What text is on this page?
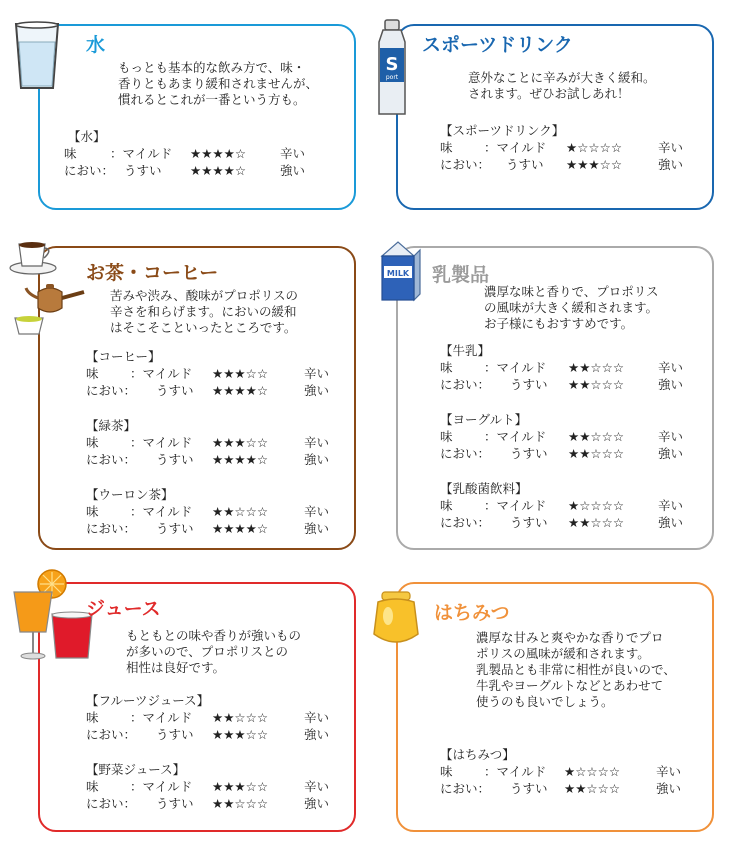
水
もっとも基本的な飲み方で、味・
香りともあまり緩和されませんが、
慣れるとこれが一番という方も。
【水】
味	：マイルド ★★★★☆	辛い
におい： うすい ★★★★☆	強い
S
port
スポーツドリンク
意外なことに辛みが大きく緩和。
されます。ぜひお試しあれ！
【スポーツドリンク】
味	：マイルド ★☆☆☆☆	辛い
におい： うすい ★★★☆☆	強い
お茶・コーヒー
苦みや渋み、酸味がプロポリスの
辛さを和らげます。においの緩和
はそこそこといったところです。
【コーヒー】
味	：マイルド ★★★☆☆	辛い
におい： うすい ★★★★☆	強い
【緑茶】
味	：マイルド ★★★☆☆	辛い
におい： うすい ★★★★☆	強い
【ウーロン茶】
味	：マイルド ★★☆☆☆	辛い
におい： うすい ★★★★☆	強い
MILK 乳製品
濃厚な味と香りで、プロポリス
の風味が大きく緩和されます。
お子様にもおすすめです。
【牛乳】
味	：マイルド ★★☆☆☆	辛い
におい： うすい ★★☆☆☆	強い
【ヨーグルト】
味	：マイルド ★★☆☆☆	辛い
におい： うすい ★★☆☆☆	強い
【乳酸菌飲料】
味	：マイルド ★☆☆☆☆	辛い
におい： うすい ★★☆☆☆	強い
ジュース
もともとの味や香りが強いもの
が多いので、プロポリスとの
相性は良好です。
【フルーツジュース】
味	：マイルド ★★☆☆☆	辛い
におい： うすい ★★★☆☆	強い
【野菜ジュース】
味	：マイルド ★★★☆☆	辛い
におい： うすい ★★☆☆☆	強い
はちみつ
濃厚な甘みと爽やかな香りでプロ
ポリスの風味が緩和されます。
乳製品とも非常に相性が良いので、
牛乳やヨーグルトなどとあわせて
使うのも良いでしょう。
【はちみつ】
味	：マイルド ★☆☆☆☆	辛い
におい： うすい ★★☆☆☆	強い
